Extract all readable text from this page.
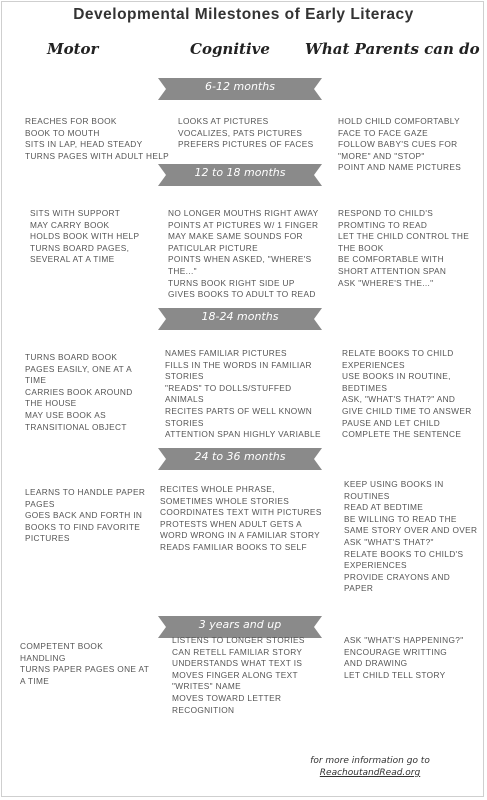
Developmental Milestones of Early Literacy
Motor	Cognitive What Parents can do
6-12 months
REACHES FOR BOOK
BOOK TO MOUTH
SITS IN LAP, HEAD STEADY
TURNS PAGES WITH ADULT HELP
LOOKS AT PICTURES
VOCALIZES, PATS PICTURES
PREFERS PICTURES OF FACES
HOLD CHILD COMFORTABLY
FACE TO FACE GAZE
FOLLOW BABY'S CUES FOR
"MORE" AND "STOP"
POINT AND NAME PICTURES
12 to 18 months
SITS WITH SUPPORT
MAY CARRY BOOK
HOLDS BOOK WITH HELP
TURNS BOARD PAGES,
SEVERAL AT A TIME
NO LONGER MOUTHS RIGHT AWAY
POINTS AT PICTURES W/ 1 FINGER
MAY MAKE SAME SOUNDS FOR
PATICULAR PICTURE
POINTS WHEN ASKED, "WHERE'S
THE..."
TURNS BOOK RIGHT SIDE UP
GIVES BOOKS TO ADULT TO READ
RESPOND TO CHILD'S
PROMTING TO READ
LET THE CHILD CONTROL THE
THE BOOK
BE COMFORTABLE WITH
SHORT ATTENTION SPAN
ASK "WHERE'S THE..."
18-24 months
TURNS BOARD BOOK
PAGES EASILY, ONE AT A
TIME
CARRIES BOOK AROUND
THE HOUSE
MAY USE BOOK AS
TRANSITIONAL OBJECT
NAMES FAMILIAR PICTURES
FILLS IN THE WORDS IN FAMILIAR
STORIES
"READS" TO DOLLS/STUFFED
ANIMALS
RECITES PARTS OF WELL KNOWN
STORIES
ATTENTION SPAN HIGHLY VARIABLE
RELATE BOOKS TO CHILD
EXPERIENCES
USE BOOKS IN ROUTINE,
BEDTIMES
ASK, "WHAT'S THAT?" AND
GIVE CHILD TIME TO ANSWER
PAUSE AND LET CHILD
COMPLETE THE SENTENCE
24 to 36 months
LEARNS TO HANDLE PAPER
PAGES
GOES BACK AND FORTH IN
BOOKS TO FIND FAVORITE
PICTURES
RECITES WHOLE PHRASE,
SOMETIMES WHOLE STORIES
COORDINATES TEXT WITH PICTURES
PROTESTS WHEN ADULT GETS A
WORD WRONG IN A FAMILIAR STORY
READS FAMILIAR BOOKS TO SELF
KEEP USING BOOKS IN
ROUTINES
READ AT BEDTIME
BE WILLING TO READ THE
SAME STORY OVER AND OVER
ASK "WHAT'S THAT?"
RELATE BOOKS TO CHILD'S
EXPERIENCES
PROVIDE CRAYONS AND
PAPER
3 years and up
COMPETENT BOOK
HANDLING
TURNS PAPER PAGES ONE AT
A TIME
LISTENS TO LONGER STORIES
CAN RETELL FAMILIAR STORY
UNDERSTANDS WHAT TEXT IS
MOVES FINGER ALONG TEXT
"WRITES" NAME
MOVES TOWARD LETTER
RECOGNITION
ASK "WHAT'S HAPPENING?"
ENCOURAGE WRITTING
AND DRAWING
LET CHILD TELL STORY
for more information go to
ReachoutandRead.org
